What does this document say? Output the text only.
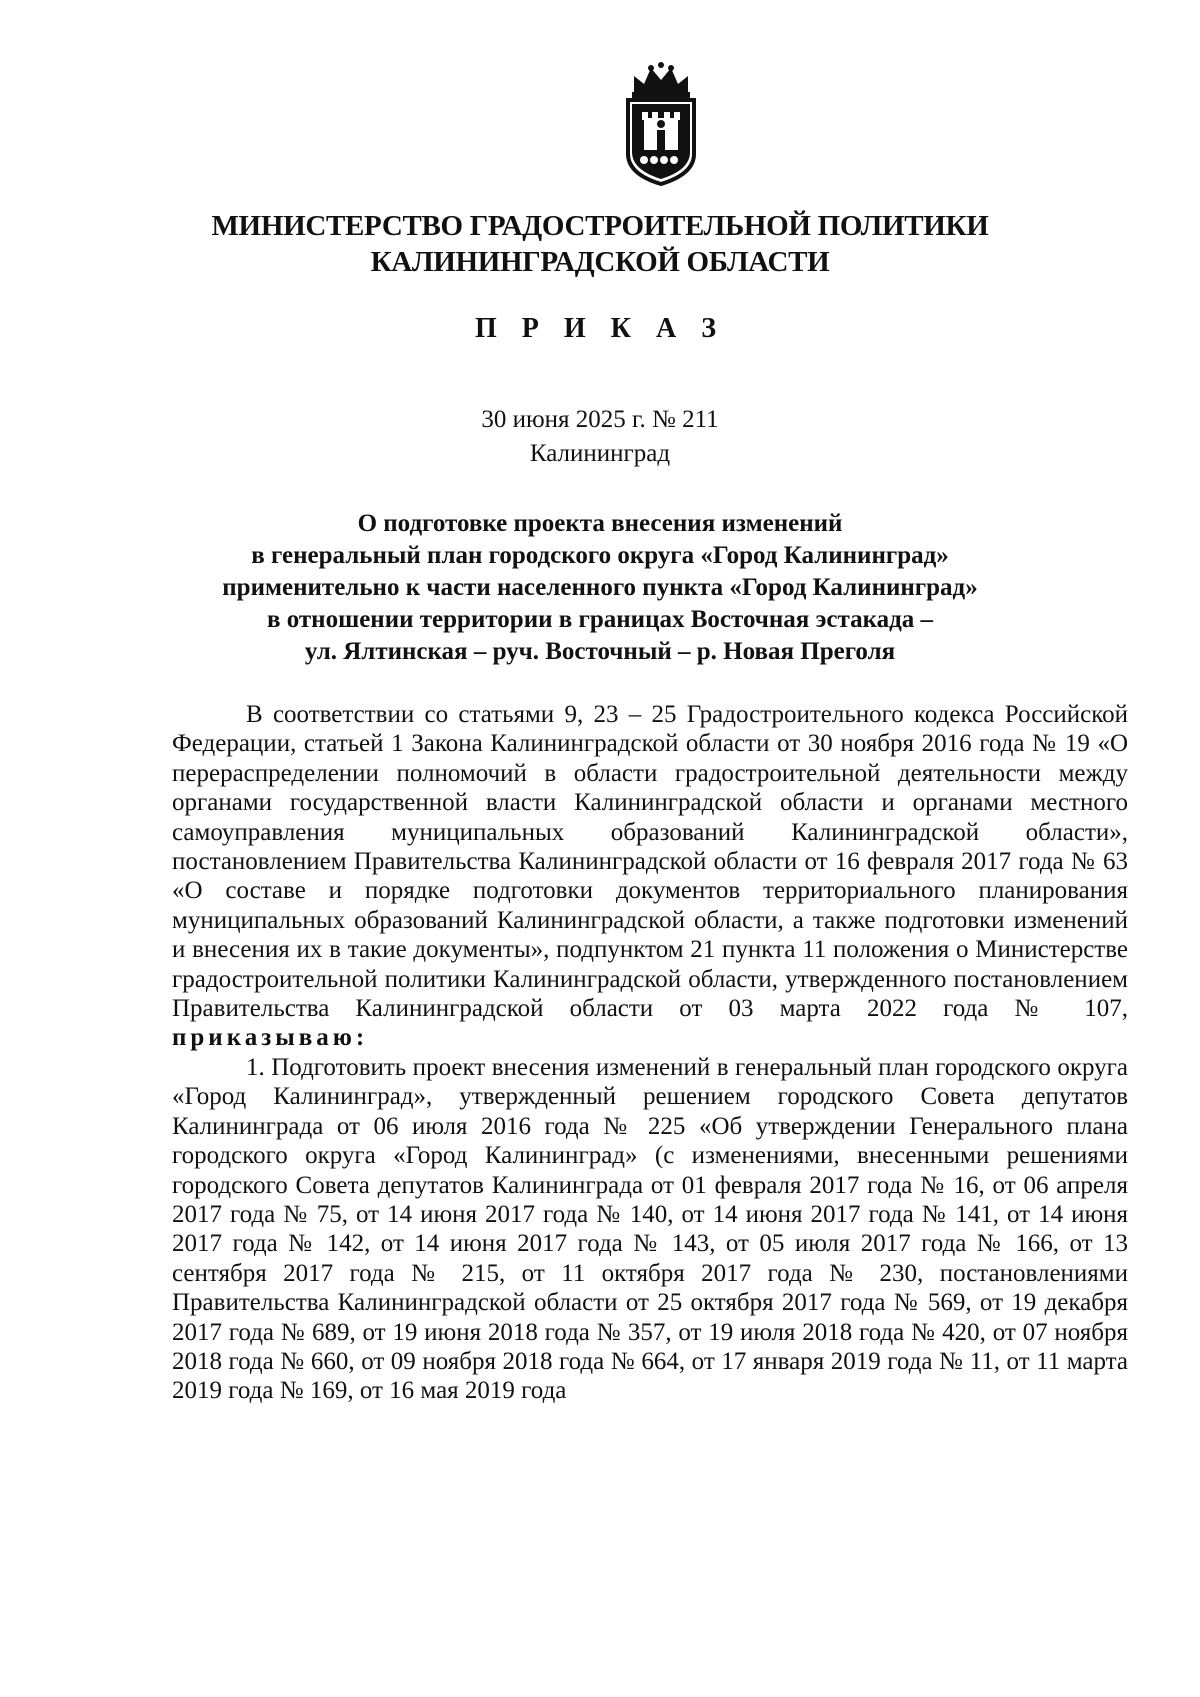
МИНИСТЕРСТВО ГРАДОСТРОИТЕЛЬНОЙ ПОЛИТИКИ
КАЛИНИНГРАДСКОЙ ОБЛАСТИ
П Р И К А З
30 июня 2025 г. № 211
Калининград
О подготовке проекта внесения изменений
в генеральный план городского округа «Город Калининград»
применительно к части населенного пункта «Город Калининград»
в отношении территории в границах Восточная эстакада –
ул. Ялтинская – руч. Восточный – р. Новая Преголя

В соответствии со статьями 9, 23 – 25 Градостроительного кодекса Российской Федерации, статьей 1 Закона Калининградской области от 30 ноября 2016 года № 19 «О перераспределении полномочий в области градостроительной деятельности между органами государственной власти Калининградской области и органами местного самоуправления муниципальных образований Калининградской области», постановлением Правительства Калининградской области от 16 февраля 2017 года № 63 «О составе и порядке подготовки документов территориального планирования муниципальных образований Калининградской области, а также подготовки изменений и внесения их в такие документы», подпунктом 21 пункта 11 положения о Министерстве градостроительной политики Калининградской области, утвержденного постановлением Правительства Калининградской области от 03 марта 2022 года № 107, приказываю:

1. Подготовить проект внесения изменений в генеральный план городского округа «Город Калининград», утвержденный решением городского Совета депутатов Калининграда от 06 июля 2016 года № 225 «Об утверждении Генерального плана городского округа «Город Калининград» (с изменениями, внесенными решениями городского Совета депутатов Калининграда от 01 февраля 2017 года № 16, от 06 апреля 2017 года № 75, от 14 июня 2017 года № 140, от 14 июня 2017 года № 141, от 14 июня 2017 года № 142, от 14 июня 2017 года № 143, от 05 июля 2017 года № 166, от 13 сентября 2017 года № 215, от 11 октября 2017 года № 230, постановлениями Правительства Калининградской области от 25 октября 2017 года № 569, от 19 декабря 2017 года № 689, от 19 июня 2018 года № 357, от 19 июля 2018 года № 420, от 07 ноября 2018 года № 660, от 09 ноября 2018 года № 664, от 17 января 2019 года № 11, от 11 марта 2019 года № 169, от 16 мая 2019 года
